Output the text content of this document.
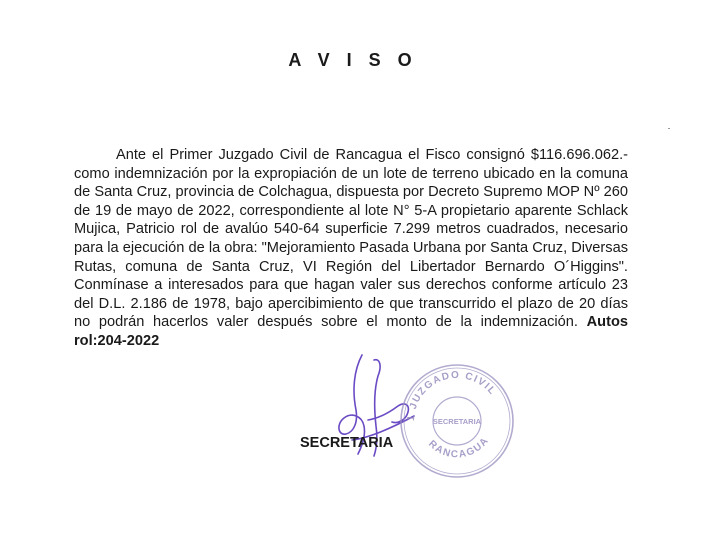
A V I S O
Ante el Primer Juzgado Civil de Rancagua el Fisco consignó $116.696.062.- como indemnización por la expropiación de un lote de terreno ubicado en la comuna de Santa Cruz, provincia de Colchagua, dispuesta por Decreto Supremo MOP Nº 260 de 19 de mayo de 2022, correspondiente al lote N° 5-A propietario aparente Schlack Mujica, Patricio rol de avalúo 540-64 superficie 7.299 metros cuadrados, necesario para la ejecución de la obra: "Mejoramiento Pasada Urbana por Santa Cruz, Diversas Rutas, comuna de Santa Cruz, VI Región del Libertador Bernardo O´Higgins". Conmínase a interesados para que hagan valer sus derechos conforme artículo 23 del D.L. 2.186 de 1978, bajo apercibimiento de que transcurrido el plazo de 20 días no podrán hacerlos valer después sobre el monto de la indemnización. Autos rol:204-2022
1 JUZGADO CIVIL
SECRETARIA
RANCAGUA
SECRETARIA
